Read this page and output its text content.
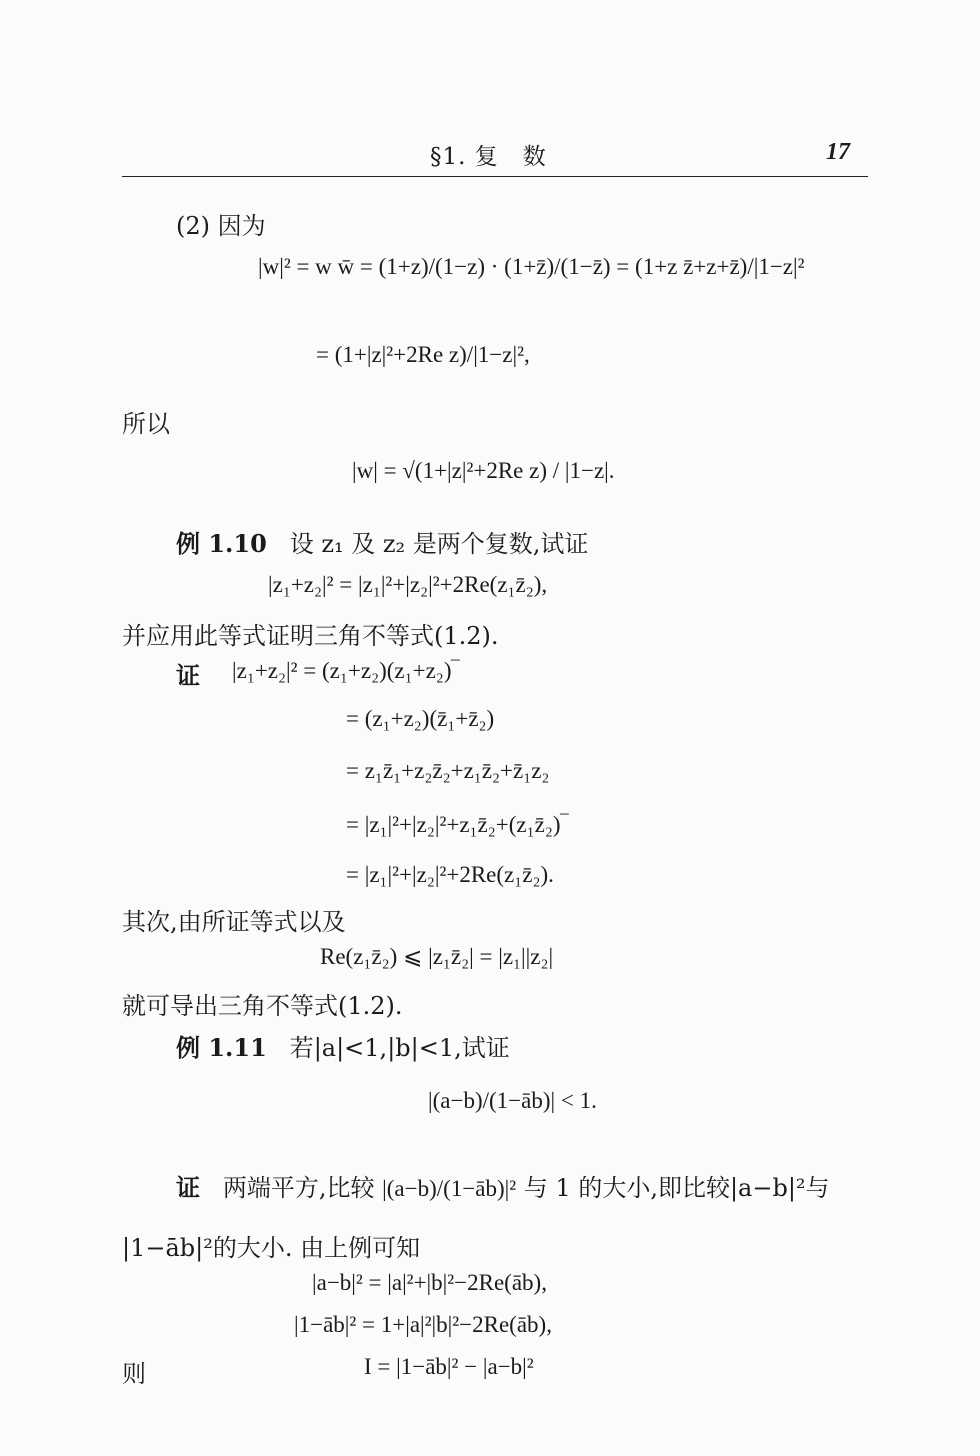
§1. 复　数	17
(2) 因为
|w|² = w w̄ = (1+z)/(1−z) · (1+z̄)/(1−z̄) = (1+z z̄+z+z̄)/|1−z|²
= (1+|z|²+2Re z)/|1−z|²,
所以
|w| = √(1+|z|²+2Re z) / |1−z|.
例 1.10 设 z₁ 及 z₂ 是两个复数,试证
|z₁+z₂|² = |z₁|²+|z₂|²+2Re(z₁z̄₂),
并应用此等式证明三角不等式(1.2).
证 |z₁+z₂|² = (z₁+z₂)(z₁+z₂)‾
= (z₁+z₂)(z̄₁+z̄₂)
= z₁z̄₁+z₂z̄₂+z₁z̄₂+z̄₁z₂
= |z₁|²+|z₂|²+z₁z̄₂+(z₁z̄₂)‾
= |z₁|²+|z₂|²+2Re(z₁z̄₂).
其次,由所证等式以及
Re(z₁z̄₂) ⩽ |z₁z̄₂| = |z₁||z₂|
就可导出三角不等式(1.2).
例 1.11 若|a|<1,|b|<1,试证
|(a−b)/(1−āb)| < 1.
证 两端平方,比较 |(a−b)/(1−āb)|² 与 1 的大小,即比较|a−b|²与
|1−āb|²的大小. 由上例可知
|a−b|² = |a|²+|b|²−2Re(āb),
|1−āb|² = 1+|a|²|b|²−2Re(āb),
则	I = |1−āb|² − |a−b|²
